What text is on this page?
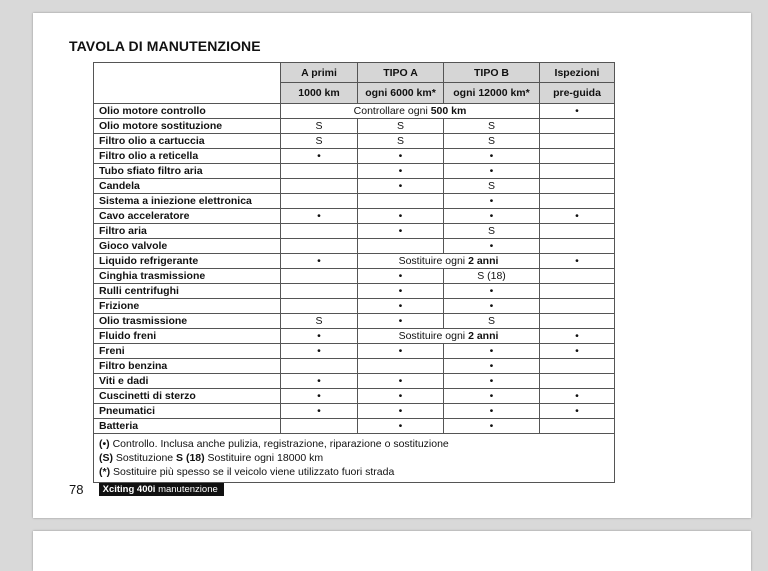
TAVOLA DI MANUTENZIONE
	A primi	TIPO A	TIPO B	Ispezioni
	1000 km	ogni 6000 km*	ogni 12000 km*	pre-guida
Olio motore controllo	Controllare ogni 500 km			•
Olio motore sostituzione	S	S	S	
Filtro olio a cartuccia	S	S	S	
Filtro olio a reticella	•	•	•	
Tubo sfiato filtro aria		•	•	
Candela		•	S	
Sistema a iniezione elettronica			•	
Cavo acceleratore	•	•	•	•
Filtro aria		•	S	
Gioco valvole			•	
Liquido refrigerante	•	Sostituire ogni 2 anni		•
Cinghia trasmissione		•	S (18)	
Rulli centrifughi		•	•	
Frizione		•	•	
Olio trasmissione	S	•	S	
Fluido freni	•	Sostituire ogni 2 anni		•
Freni	•	•	•	•
Filtro benzina			•	
Viti e dadi	•	•	•	
Cuscinetti di sterzo	•	•	•	•
Pneumatici	•	•	•	•
Batteria		•	•	

(•) Controllo. Inclusa anche pulizia, registrazione, riparazione o sostituzione
(S) Sostituzione S (18) Sostituire ogni 18000 km
(*) Sostituire più spesso se il veicolo viene utilizzato fuori strada				
78 Xciting 400i manutenzione
